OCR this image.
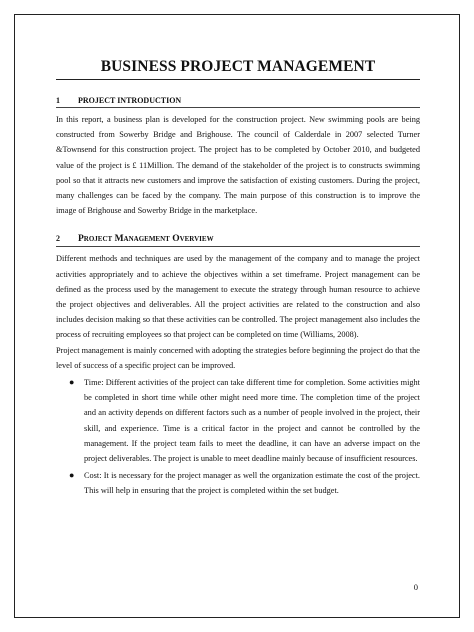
BUSINESS PROJECT MANAGEMENT
1	PROJECT INTRODUCTION

In this report, a business plan is developed for the construction project. New swimming pools are being constructed from Sowerby Bridge and Brighouse. The council of Calderdale in 2007 selected Turner &Townsend for this construction project. The project has to be completed by October 2010, and budgeted value of the project is £ 11Million. The demand of the stakeholder of the project is to constructs swimming pool so that it attracts new customers and improve the satisfaction of existing customers. During the project, many challenges can be faced by the company. The main purpose of this construction is to improve the image of Brighouse and Sowerby Bridge in the marketplace.

2	Project Management Overview

Different methods and techniques are used by the management of the company and to manage the project activities appropriately and to achieve the objectives within a set timeframe. Project management can be defined as the process used by the management to execute the strategy through human resource to achieve the project objectives and deliverables. All the project activities are related to the construction and also includes decision making so that these activities can be controlled. The project management also includes the process of recruiting employees so that project can be completed on time (Williams, 2008).

Project management is mainly concerned with adopting the strategies before beginning the project do that the level of success of a specific project can be improved.

● Time: Different activities of the project can take different time for completion. Some activities might be completed in short time while other might need more time. The completion time of the project and an activity depends on different factors such as a number of people involved in the project, their skill, and experience. Time is a critical factor in the project and cannot be controlled by the management. If the project team fails to meet the deadline, it can have an adverse impact on the project deliverables. The project is unable to meet deadline mainly because of insufficient resources.
● Cost: It is necessary for the project manager as well the organization estimate the cost of the project. This will help in ensuring that the project is completed within the set budget.
0
